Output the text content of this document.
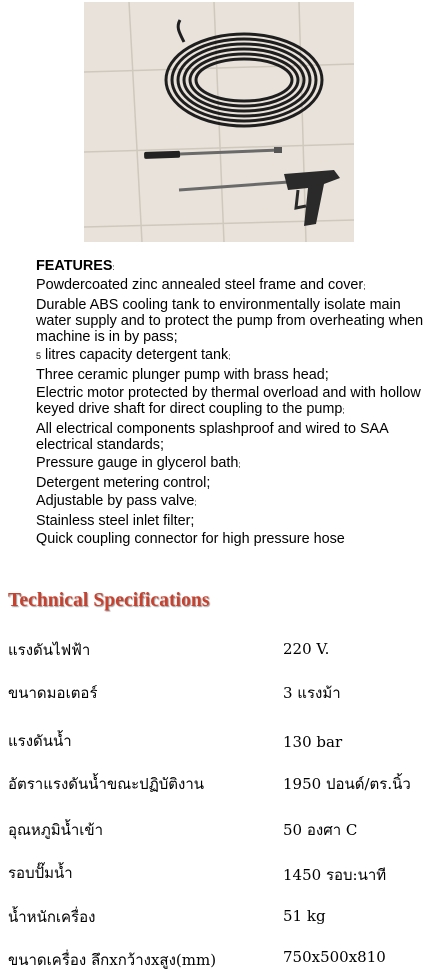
FEATURES:
Powdercoated zinc annealed steel frame and cover;
Durable ABS cooling tank to environmentally isolate main water supply and to protect the pump from overheating when machine is in by pass;
5 litres capacity detergent tank;
Three ceramic plunger pump with brass head;
Electric motor protected by thermal overload and with hollow keyed drive shaft for direct coupling to the pump;
All electrical components splashproof and wired to SAA electrical standards;
Pressure gauge in glycerol bath;
Detergent metering control;
Adjustable by pass valve;
Stainless steel inlet filter;
Quick coupling connector for high pressure hose
Technical Specifications
แรงดันไฟฟ้า	220 V.
ขนาดมอเตอร์	3 แรงม้า
แรงดันน้ำ	130 bar
อัตราแรงดันน้ำขณะปฏิบัติงาน	1950 ปอนด์/ตร.นิ้ว
อุณหภูมิน้ำเข้า	50 องศา C
รอบปั๊มน้ำ	1450 รอบ:นาที
น้ำหนักเครื่อง	51 kg
ขนาดเครื่อง ลึกxกว้างxสูง(mm)	750x500x810
